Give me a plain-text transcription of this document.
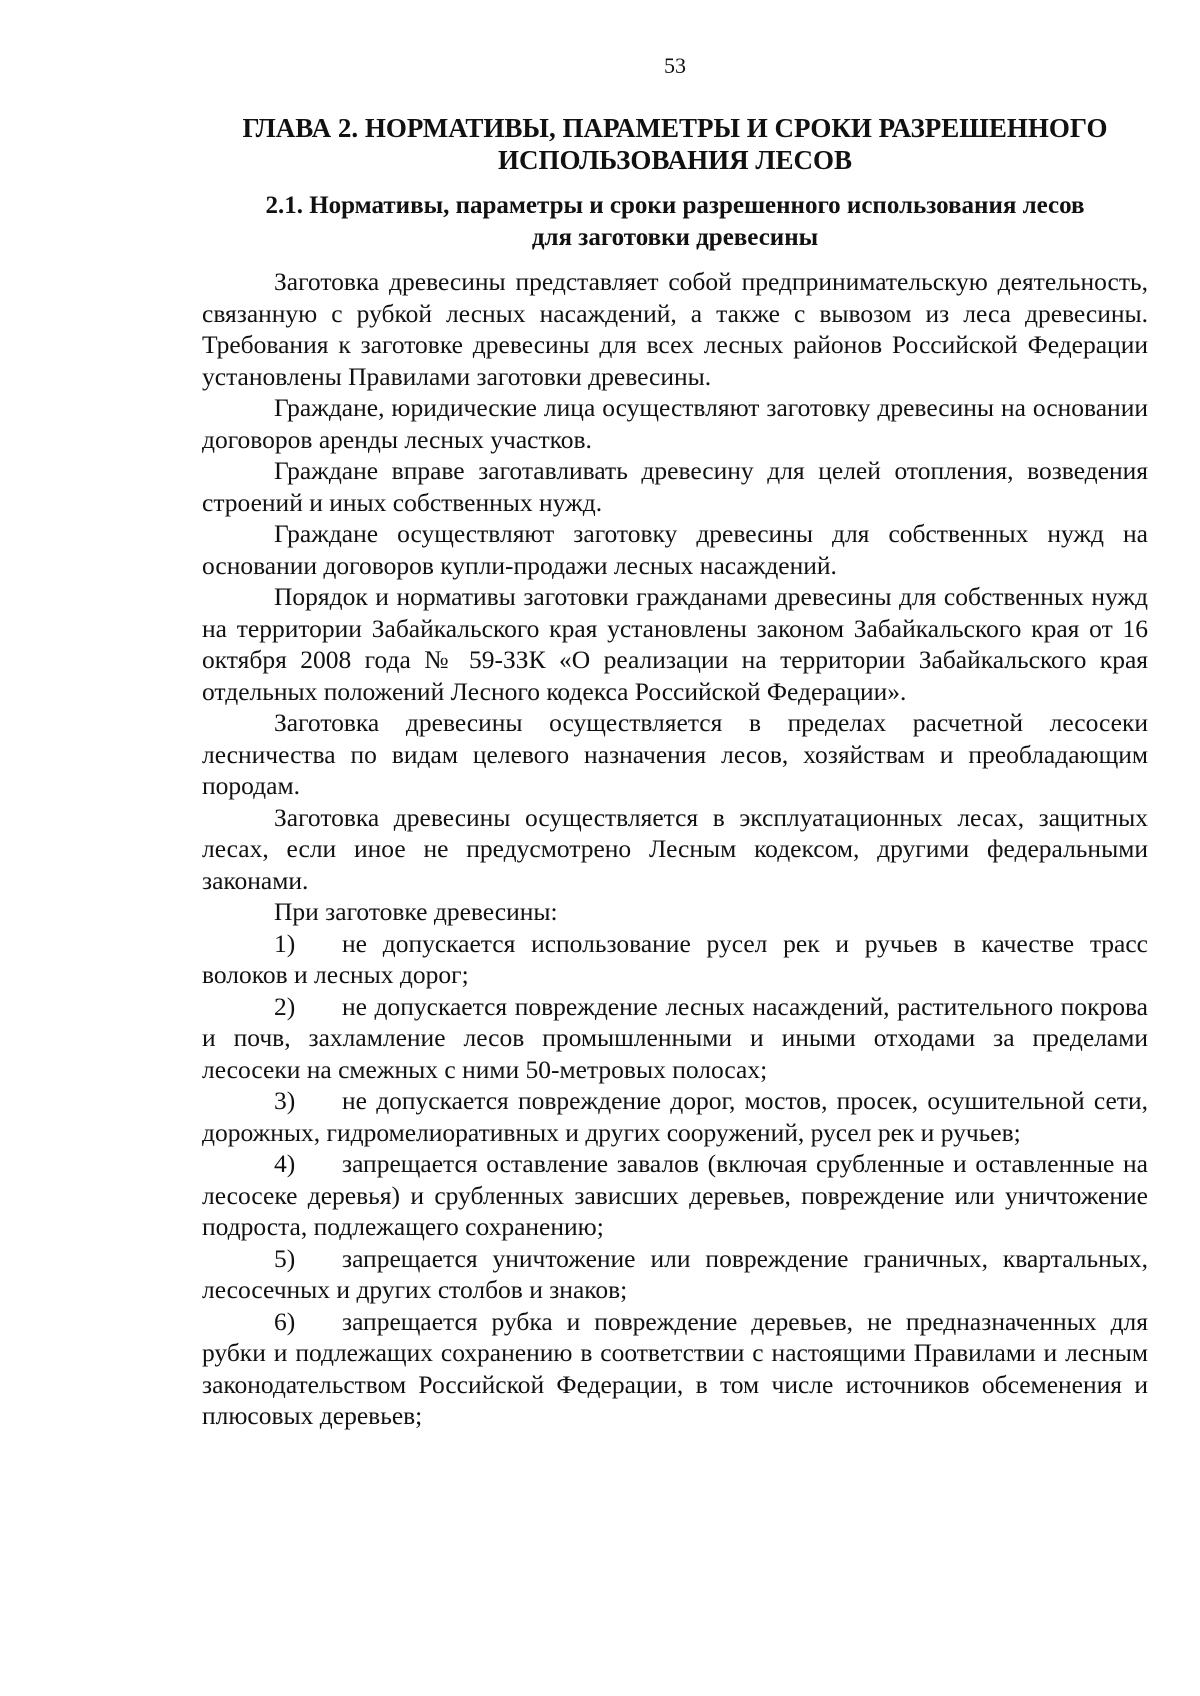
53
ГЛАВА 2. НОРМАТИВЫ, ПАРАМЕТРЫ И СРОКИ РАЗРЕШЕННОГО
ИСПОЛЬЗОВАНИЯ ЛЕСОВ
2.1. Нормативы, параметры и сроки разрешенного использования лесов
для заготовки древесины

Заготовка древесины представляет собой предпринимательскую деятельность, связанную с рубкой лесных насаждений, а также с вывозом из леса древесины. Требования к заготовке древесины для всех лесных районов Российской Федерации установлены Правилами заготовки древесины.

Граждане, юридические лица осуществляют заготовку древесины на основании договоров аренды лесных участков.

Граждане вправе заготавливать древесину для целей отопления, возведения строений и иных собственных нужд.

Граждане осуществляют заготовку древесины для собственных нужд на основании договоров купли-продажи лесных насаждений.

Порядок и нормативы заготовки гражданами древесины для собственных нужд на территории Забайкальского края установлены законом Забайкальского края от 16 октября 2008 года № 59-ЗЗК «О реализации на территории Забайкальского края отдельных положений Лесного кодекса Российской Федерации».

Заготовка древесины осуществляется в пределах расчетной лесосеки лесничества по видам целевого назначения лесов, хозяйствам и преобладающим породам.

Заготовка древесины осуществляется в эксплуатационных лесах, защитных лесах, если иное не предусмотрено Лесным кодексом, другими федеральными законами.

При заготовке древесины:

1) не допускается использование русел рек и ручьев в качестве трасс волоков и лесных дорог;

2) не допускается повреждение лесных насаждений, растительного покрова и почв, захламление лесов промышленными и иными отходами за пределами лесосеки на смежных с ними 50-метровых полосах;

3) не допускается повреждение дорог, мостов, просек, осушительной сети, дорожных, гидромелиоративных и других сооружений, русел рек и ручьев;

4) запрещается оставление завалов (включая срубленные и оставленные на лесосеке деревья) и срубленных зависших деревьев, повреждение или уничтожение подроста, подлежащего сохранению;

5) запрещается уничтожение или повреждение граничных, квартальных, лесосечных и других столбов и знаков;

6) запрещается рубка и повреждение деревьев, не предназначенных для рубки и подлежащих сохранению в соответствии с настоящими Правилами и лесным законодательством Российской Федерации, в том числе источников обсеменения и плюсовых деревьев;
